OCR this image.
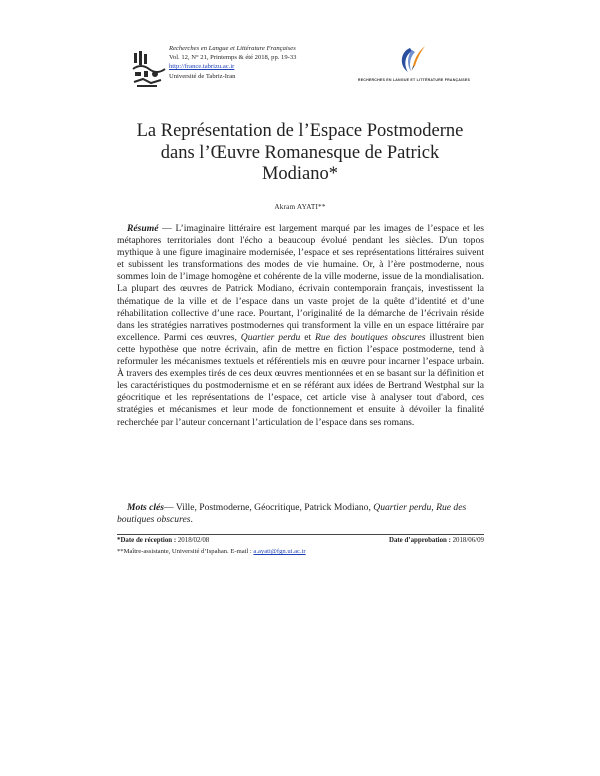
Recherches en Langue et Littérature Françaises
Vol. 12, N° 21, Printemps & été 2018, pp. 19-33
http://france.tabrizu.ac.ir
Université de Tabriz-Iran
RECHERCHES EN LANGUE ET LITTÉRATURE FRANÇAISES
La Représentation de l’Espace Postmoderne
dans l’Œuvre Romanesque de Patrick
Modiano*
Akram AYATI**

Résumé — L’imaginaire littéraire est largement marqué par les images de l’espace et les métaphores territoriales dont l'écho a beaucoup évolué pendant les siècles. D'un topos mythique à une figure imaginaire modernisée, l’espace et ses représentations littéraires suivent et subissent les transformations des modes de vie humaine. Or, à l’ère postmoderne, nous sommes loin de l’image homogène et cohérente de la ville moderne, issue de la mondialisation. La plupart des œuvres de Patrick Modiano, écrivain contemporain français, investissent la thématique de la ville et de l’espace dans un vaste projet de la quête d’identité et d’une réhabilitation collective d’une race. Pourtant, l’originalité de la démarche de l’écrivain réside dans les stratégies narratives postmodernes qui transforment la ville en un espace littéraire par excellence. Parmi ces œuvres, Quartier perdu et Rue des boutiques obscures illustrent bien cette hypothèse que notre écrivain, afin de mettre en fiction l’espace postmoderne, tend à reformuler les mécanismes textuels et référentiels mis en œuvre pour incarner l’espace urbain. À travers des exemples tirés de ces deux œuvres mentionnées et en se basant sur la définition et les caractéristiques du postmodernisme et en se référant aux idées de Bertrand Westphal sur la géocritique et les représentations de l’espace, cet article vise à analyser tout d'abord, ces stratégies et mécanismes et leur mode de fonctionnement et ensuite à dévoiler la finalité recherchée par l’auteur concernant l’articulation de l’espace dans ses romans.

Mots clés— Ville, Postmoderne, Géocritique, Patrick Modiano, Quartier perdu, Rue des boutiques obscures.

*Date de réception : 2018/02/08	Date d’approbation : 2018/06/09
**Maître-assistante, Université d’Ispahan. E-mail : a.ayati@fgn.ui.ac.ir
